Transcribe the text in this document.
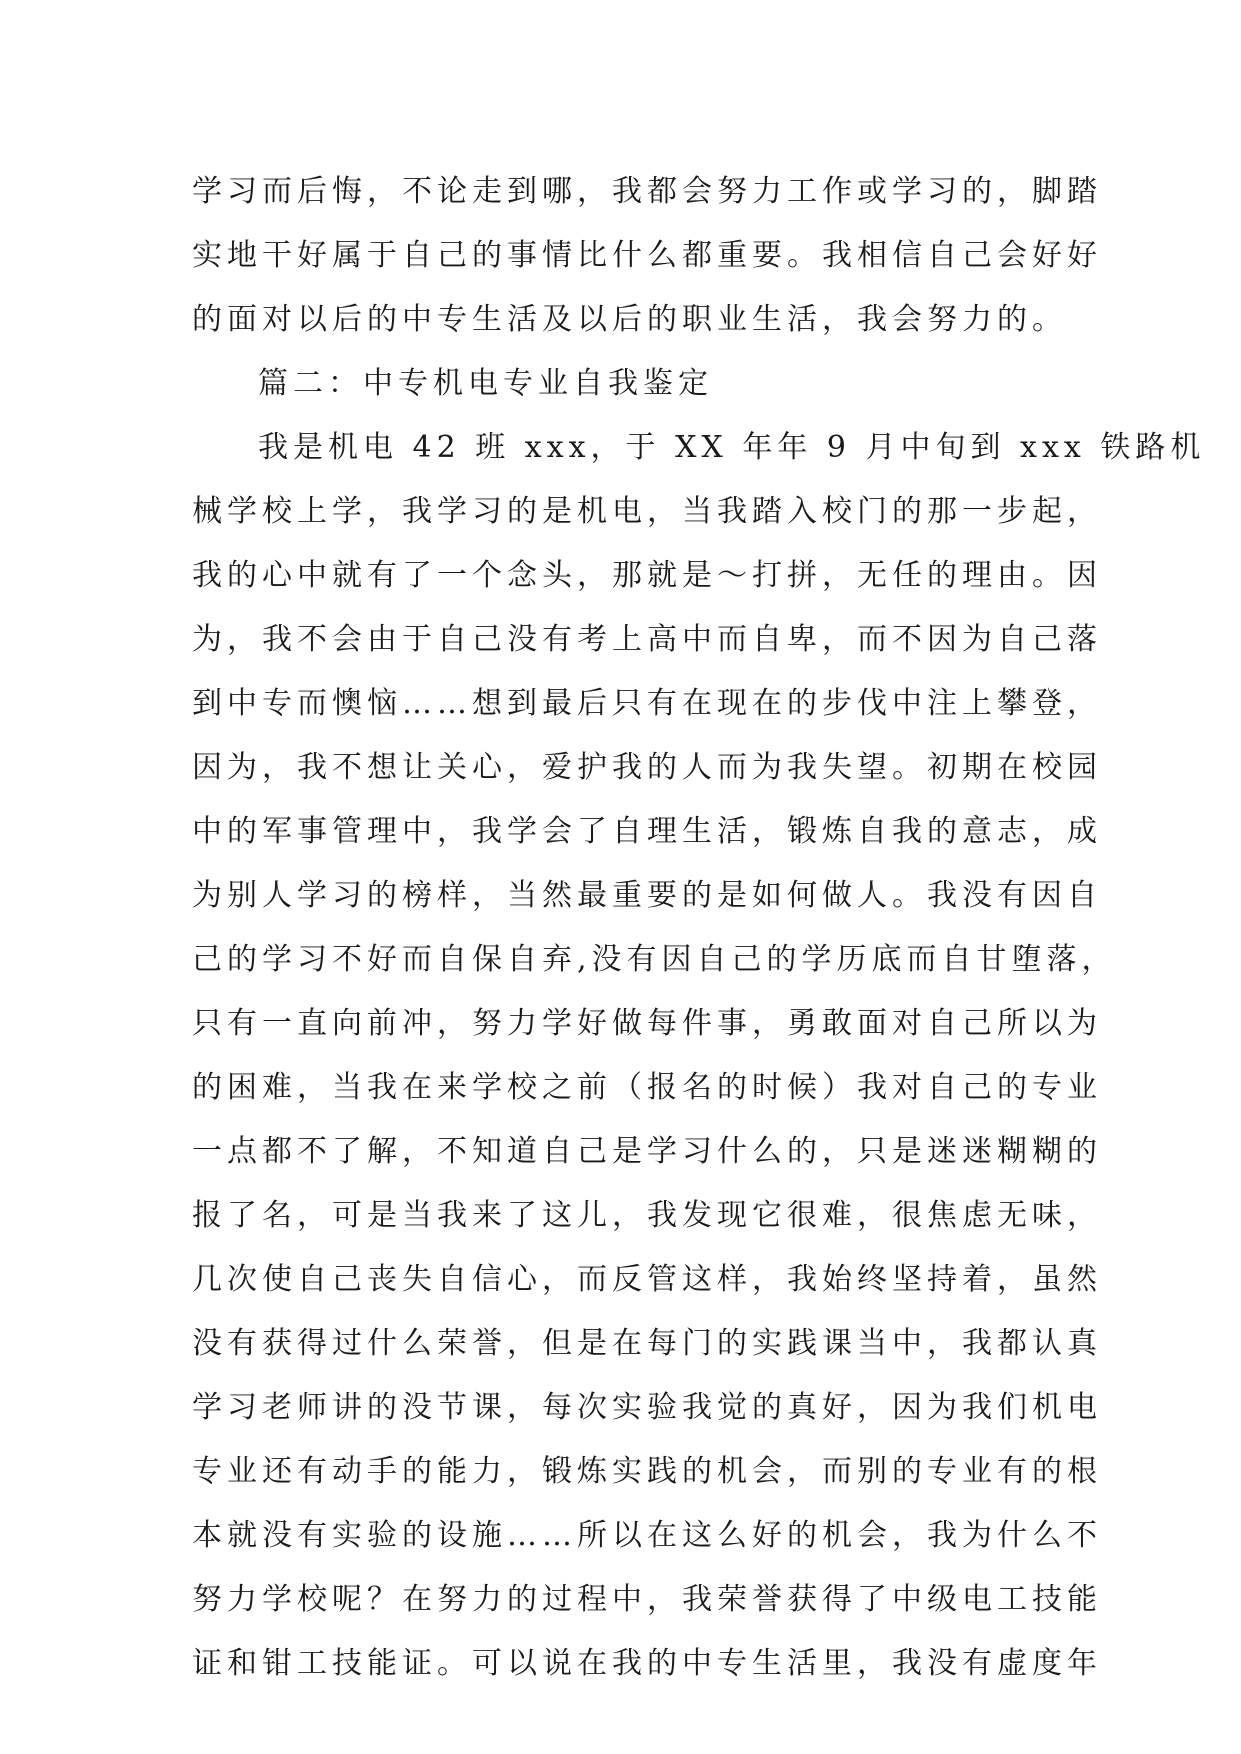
学习而后悔，不论走到哪，我都会努力工作或学习的，脚踏
实地干好属于自己的事情比什么都重要。我相信自己会好好
的面对以后的中专生活及以后的职业生活，我会努力的。
篇二：中专机电专业自我鉴定
我是机电 42 班 xxx，于 XX 年年 9 月中旬到 xxx 铁路机
械学校上学，我学习的是机电，当我踏入校门的那一步起，
我的心中就有了一个念头，那就是～打拼，无任的理由。因
为，我不会由于自己没有考上高中而自卑，而不因为自己落
到中专而懊恼……想到最后只有在现在的步伐中注上攀登，
因为，我不想让关心，爱护我的人而为我失望。初期在校园
中的军事管理中，我学会了自理生活，锻炼自我的意志，成
为别人学习的榜样，当然最重要的是如何做人。我没有因自
己的学习不好而自保自弃,没有因自己的学历底而自甘堕落，
只有一直向前冲，努力学好做每件事，勇敢面对自己所以为
的困难，当我在来学校之前（报名的时候）我对自己的专业
一点都不了解，不知道自己是学习什么的，只是迷迷糊糊的
报了名，可是当我来了这儿，我发现它很难，很焦虑无味，
几次使自己丧失自信心，而反管这样，我始终坚持着，虽然
没有获得过什么荣誉，但是在每门的实践课当中，我都认真
学习老师讲的没节课，每次实验我觉的真好，因为我们机电
专业还有动手的能力，锻炼实践的机会，而别的专业有的根
本就没有实验的设施……所以在这么好的机会，我为什么不
努力学校呢？在努力的过程中，我荣誉获得了中级电工技能
证和钳工技能证。可以说在我的中专生活里，我没有虚度年
